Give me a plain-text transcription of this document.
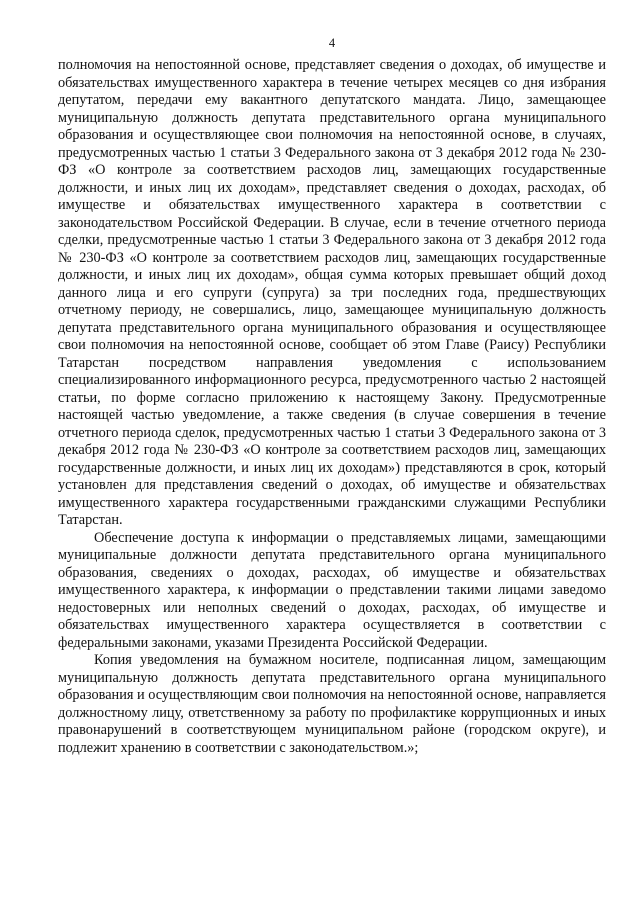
4

полномочия на непостоянной основе, представляет сведения о доходах, об имуществе и обязательствах имущественного характера в течение четырех месяцев со дня избрания депутатом, передачи ему вакантного депутатского мандата. Лицо, замещающее муниципальную должность депутата представительного органа муниципального образования и осуществляющее свои полномочия на непостоянной основе, в случаях, предусмотренных частью 1 статьи 3 Федерального закона от 3 декабря 2012 года № 230-ФЗ «О контроле за соответствием расходов лиц, замещающих государственные должности, и иных лиц их доходам», представляет сведения о доходах, расходах, об имуществе и обязательствах имущественного характера в соответствии с законодательством Российской Федерации. В случае, если в течение отчетного периода сделки, предусмотренные частью 1 статьи 3 Федерального закона от 3 декабря 2012 года № 230-ФЗ «О контроле за соответствием расходов лиц, замещающих государственные должности, и иных лиц их доходам», общая сумма которых превышает общий доход данного лица и его супруги (супруга) за три последних года, предшествующих отчетному периоду, не совершались, лицо, замещающее муниципальную должность депутата представительного органа муниципального образования и осуществляющее свои полномочия на непостоянной основе, сообщает об этом Главе (Раису) Республики Татарстан посредством направления уведомления с использованием специализированного информационного ресурса, предусмотренного частью 2 настоящей статьи, по форме согласно приложению к настоящему Закону. Предусмотренные настоящей частью уведомление, а также сведения (в случае совершения в течение отчетного периода сделок, предусмотренных частью 1 статьи 3 Федерального закона от 3 декабря 2012 года № 230-ФЗ «О контроле за соответствием расходов лиц, замещающих государственные должности, и иных лиц их доходам») представляются в срок, который установлен для представления сведений о доходах, об имуществе и обязательствах имущественного характера государственными гражданскими служащими Республики Татарстан.

Обеспечение доступа к информации о представляемых лицами, замещающими муниципальные должности депутата представительного органа муниципального образования, сведениях о доходах, расходах, об имуществе и обязательствах имущественного характера, к информации о представлении такими лицами заведомо недостоверных или неполных сведений о доходах, расходах, об имуществе и обязательствах имущественного характера осуществляется в соответствии с федеральными законами, указами Президента Российской Федерации.

Копия уведомления на бумажном носителе, подписанная лицом, замещающим муниципальную должность депутата представительного органа муниципального образования и осуществляющим свои полномочия на непостоянной основе, направляется должностному лицу, ответственному за работу по профилактике коррупционных и иных правонарушений в соответствующем муниципальном районе (городском округе), и подлежит хранению в соответствии с законодательством.»;
